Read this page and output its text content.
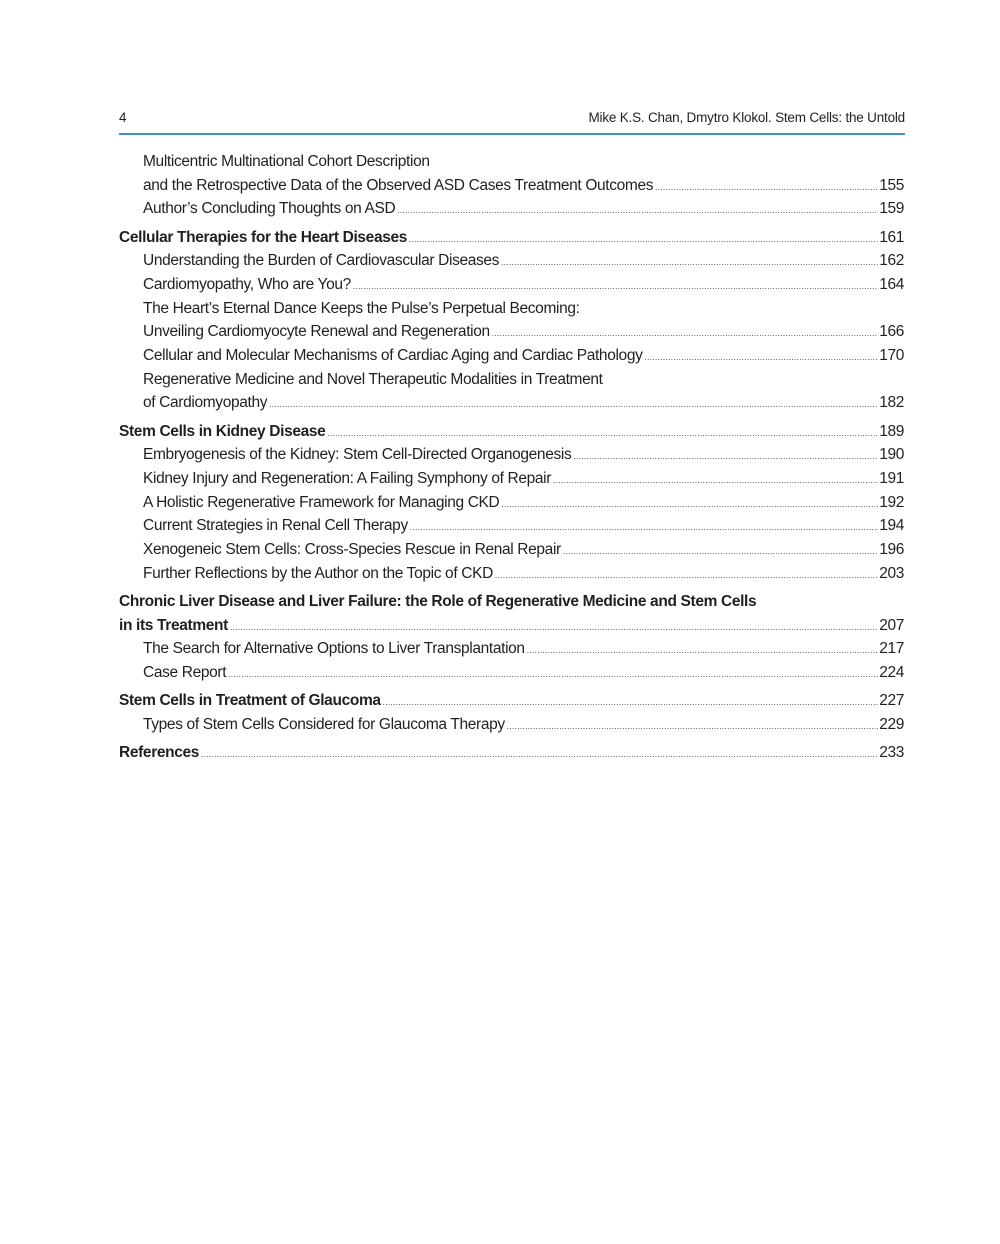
4	Mike K.S. Chan, Dmytro Klokol. Stem Cells: the Untold
Multicentric Multinational Cohort Description
and the Retrospective Data of the Observed ASD Cases Treatment Outcomes .....	155
Author’s Concluding Thoughts on ASD .....	159
Cellular Therapies for the Heart Diseases .....	161
Understanding the Burden of Cardiovascular Diseases .....	162
Cardiomyopathy, Who are You? .....	164
The Heart’s Eternal Dance Keeps the Pulse’s Perpetual Becoming:
Unveiling Cardiomyocyte Renewal and Regeneration .....	166
Cellular and Molecular Mechanisms of Cardiac Aging and Cardiac Pathology .....	170
Regenerative Medicine and Novel Therapeutic Modalities in Treatment
of Cardiomyopathy .....	182
Stem Cells in Kidney Disease .....	189
Embryogenesis of the Kidney: Stem Cell-Directed Organogenesis .....	190
Kidney Injury and Regeneration: A Failing Symphony of Repair .....	191
A Holistic Regenerative Framework for Managing CKD .....	192
Current Strategies in Renal Cell Therapy .....	194
Xenogeneic Stem Cells: Cross-Species Rescue in Renal Repair .....	196
Further Reflections by the Author on the Topic of CKD .....	203
Chronic Liver Disease and Liver Failure: the Role of Regenerative Medicine and Stem Cells
in its Treatment .....	207
The Search for Alternative Options to Liver Transplantation .....	217
Case Report .....	224
Stem Cells in Treatment of Glaucoma .....	227
Types of Stem Cells Considered for Glaucoma Therapy .....	229
References .....	233
